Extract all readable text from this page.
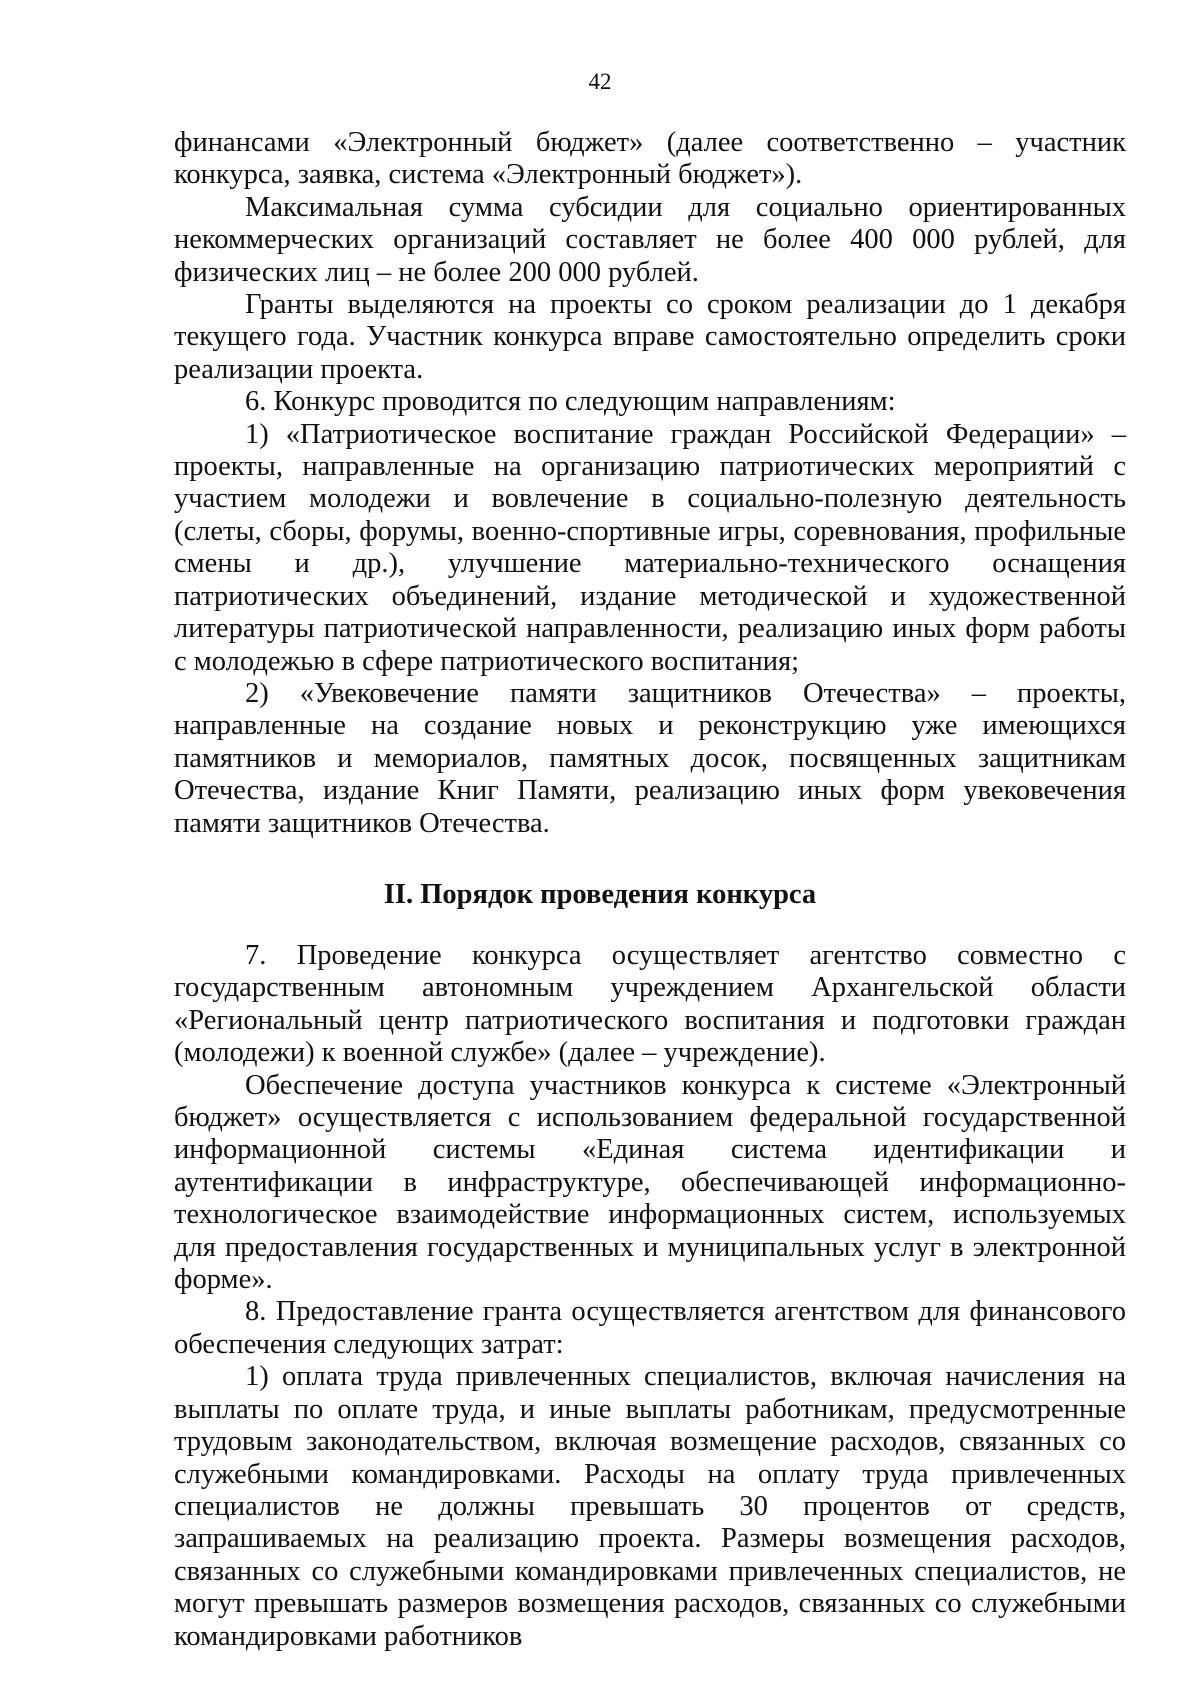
42

финансами «Электронный бюджет» (далее соответственно – участник конкурса, заявка, система «Электронный бюджет»).

Максимальная сумма субсидии для социально ориентированных некоммерческих организаций составляет не более 400 000 рублей, для физических лиц – не более 200 000 рублей.

Гранты выделяются на проекты со сроком реализации до 1 декабря текущего года. Участник конкурса вправе самостоятельно определить сроки реализации проекта.

6. Конкурс проводится по следующим направлениям:

1) «Патриотическое воспитание граждан Российской Федерации» – проекты, направленные на организацию патриотических мероприятий с участием молодежи и вовлечение в социально-полезную деятельность (слеты, сборы, форумы, военно-спортивные игры, соревнования, профильные смены и др.), улучшение материально-технического оснащения патриотических объединений, издание методической и художественной литературы патриотической направленности, реализацию иных форм работы с молодежью в сфере патриотического воспитания;

2) «Увековечение памяти защитников Отечества» – проекты, направленные на создание новых и реконструкцию уже имеющихся памятников и мемориалов, памятных досок, посвященных защитникам Отечества, издание Книг Памяти, реализацию иных форм увековечения памяти защитников Отечества.

II. Порядок проведения конкурса

7. Проведение конкурса осуществляет агентство совместно с государственным автономным учреждением Архангельской области «Региональный центр патриотического воспитания и подготовки граждан (молодежи) к военной службе» (далее – учреждение).

Обеспечение доступа участников конкурса к системе «Электронный бюджет» осуществляется с использованием федеральной государственной информационной системы «Единая система идентификации и аутентификации в инфраструктуре, обеспечивающей информационно-технологическое взаимодействие информационных систем, используемых для предоставления государственных и муниципальных услуг в электронной форме».

8. Предоставление гранта осуществляется агентством для финансового обеспечения следующих затрат:

1) оплата труда привлеченных специалистов, включая начисления на выплаты по оплате труда, и иные выплаты работникам, предусмотренные трудовым законодательством, включая возмещение расходов, связанных со служебными командировками. Расходы на оплату труда привлеченных специалистов не должны превышать 30 процентов от средств, запрашиваемых на реализацию проекта. Размеры возмещения расходов, связанных со служебными командировками привлеченных специалистов, не могут превышать размеров возмещения расходов, связанных со служебными командировками работников
